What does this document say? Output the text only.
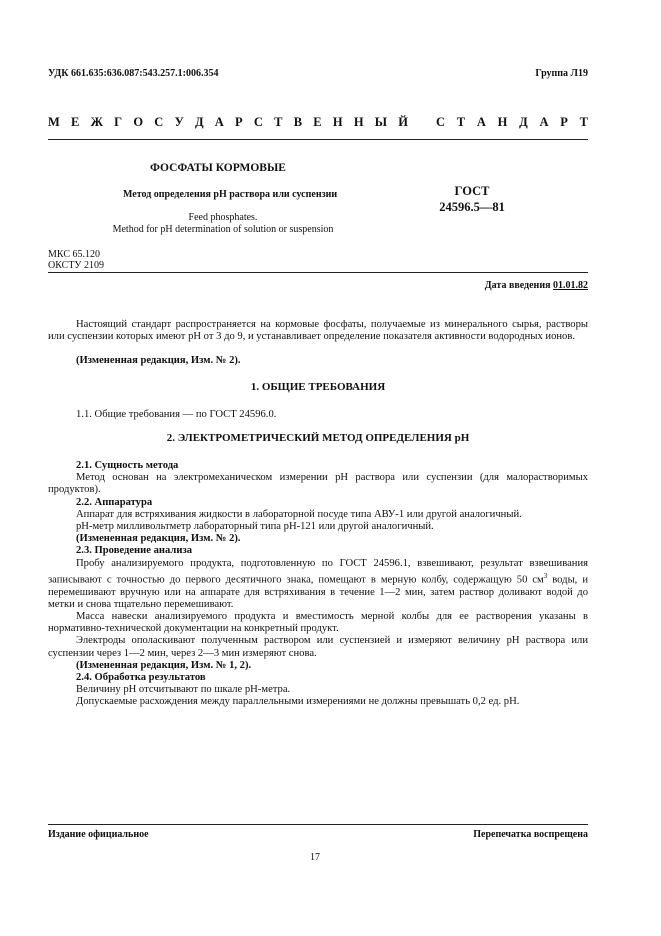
УДК 661.635:636.087:543.257.1:006.354	Группа Л19
М Е Ж Г О С У Д А Р С Т В Е Н Н Ы Й С Т А Н Д А Р Т
ФОСФАТЫ КОРМОВЫЕ
Метод определения pH раствора или суспензии
Feed phosphates.
Method for pH determination of solution or suspension
ГОСТ
24596.5—81
МКС 65.120
ОКСТУ 2109
Дата введения 01.01.82
Настоящий стандарт распространяется на кормовые фосфаты, получаемые из минерального сырья, растворы или суспензии которых имеют pH от 3 до 9, и устанавливает определение показателя активности водородных ионов.
(Измененная редакция, Изм. № 2).
1. ОБЩИЕ ТРЕБОВАНИЯ
1.1. Общие требования — по ГОСТ 24596.0.
2. ЭЛЕКТРОМЕТРИЧЕСКИЙ МЕТОД ОПРЕДЕЛЕНИЯ pH
2.1. Сущность метода
Метод основан на электромеханическом измерении pH раствора или суспензии (для малорастворимых продуктов).
2.2. Аппаратура
Аппарат для встряхивания жидкости в лабораторной посуде типа АВУ-1 или другой аналогичный.
pH-метр милливольтметр лабораторный типа pH-121 или другой аналогичный.
(Измененная редакция, Изм. № 2).
2.3. Проведение анализа
Пробу анализируемого продукта, подготовленную по ГОСТ 24596.1, взвешивают, результат взвешивания записывают с точностью до первого десятичного знака, помещают в мерную колбу, содержащую 50 $см^3$ воды, и перемешивают вручную или на аппарате для встряхивания в течение 1—2 мин, затем раствор доливают водой до метки и снова тщательно перемешивают.
Масса навески анализируемого продукта и вместимость мерной колбы для ее растворения указаны в нормативно-технической документации на конкретный продукт.
Электроды ополаскивают полученным раствором или суспензией и измеряют величину pH раствора или суспензии через 1—2 мин, через 2—3 мин измеряют снова.
(Измененная редакция, Изм. № 1, 2).
2.4. Обработка результатов
Величину pH отсчитывают по шкале pH-метра.
Допускаемые расхождения между параллельными измерениями не должны превышать 0,2 ед. pH.
Издание официальное	Перепечатка воспрещена
17
